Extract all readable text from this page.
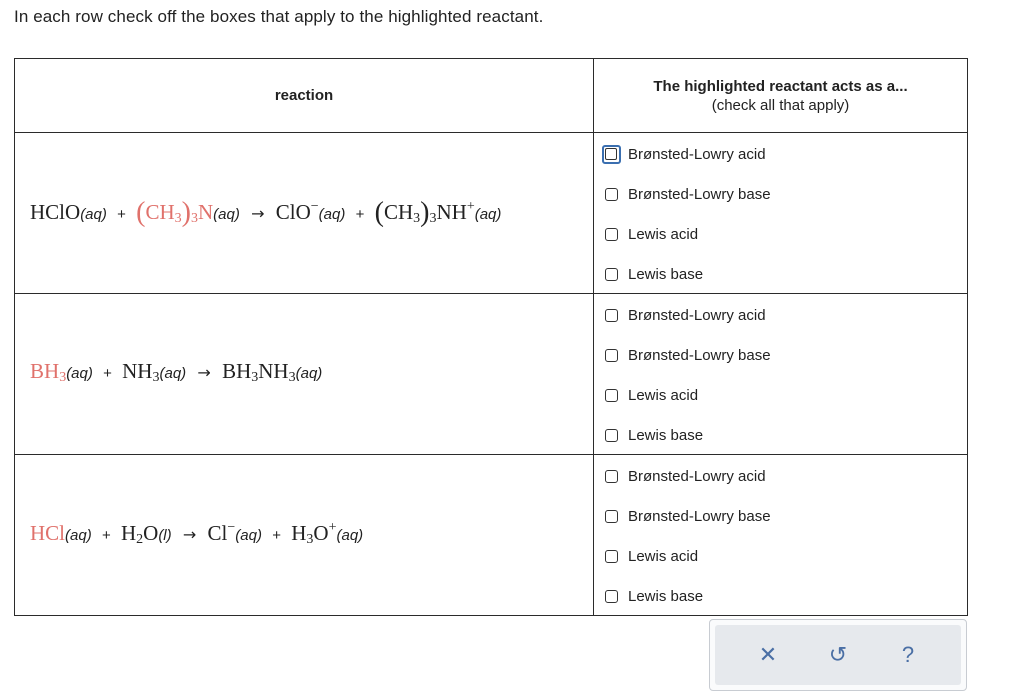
In each row check off the boxes that apply to the highlighted reactant.
reaction
The highlighted reactant acts as a...
(check all that apply)
HClO(aq) + $(CH_3)_3N(aq) \to ClO^-(aq) + (CH_3)_3NH^+(aq)$
$BH_3(aq) + NH_3(aq) \to BH_3NH_3(aq)$
$HCl(aq) + H_2O(l) \to Cl^-(aq) + H_3O^+(aq)$
Brønsted-Lowry acid
Brønsted-Lowry base
Lewis acid
Lewis base
Brønsted-Lowry acid
Brønsted-Lowry base
Lewis acid
Lewis base
Brønsted-Lowry acid
Brønsted-Lowry base
Lewis acid
Lewis base
✕	↺	?
